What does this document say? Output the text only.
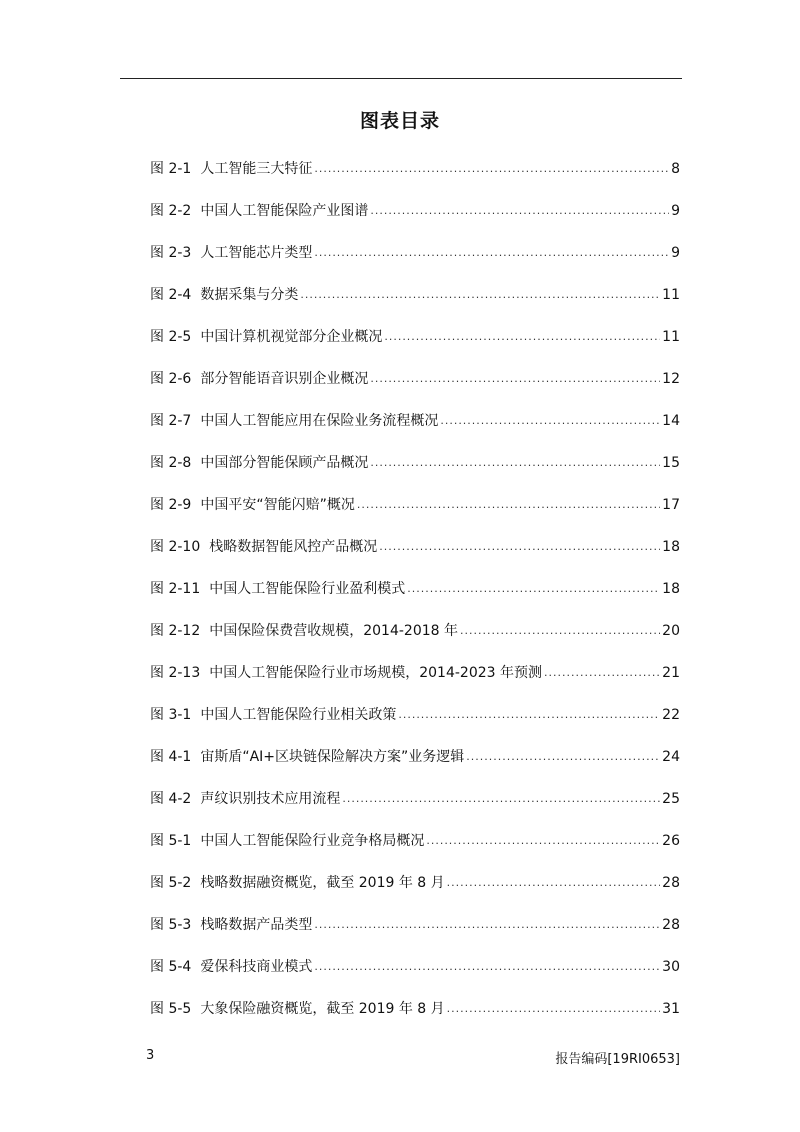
图表目录
图 2-1 人工智能三大特征 .....	8
图 2-2 中国人工智能保险产业图谱 .....	9
图 2-3 人工智能芯片类型 .....	9
图 2-4 数据采集与分类 .....	11
图 2-5 中国计算机视觉部分企业概况 .....	11
图 2-6 部分智能语音识别企业概况 .....	12
图 2-7 中国人工智能应用在保险业务流程概况 .....	14
图 2-8 中国部分智能保顾产品概况 .....	15
图 2-9 中国平安“智能闪赔”概况 .....	17
图 2-10 栈略数据智能风控产品概况 .....	18
图 2-11 中国人工智能保险行业盈利模式 .....	18
图 2-12 中国保险保费营收规模，2014-2018 年 .....	20
图 2-13 中国人工智能保险行业市场规模，2014-2023 年预测 .....	21
图 3-1 中国人工智能保险行业相关政策 .....	22
图 4-1 宙斯盾“AI+区块链保险解决方案”业务逻辑 .....	24
图 4-2 声纹识别技术应用流程 .....	25
图 5-1 中国人工智能保险行业竞争格局概况 .....	26
图 5-2 栈略数据融资概览，截至 2019 年 8 月 .....	28
图 5-3 栈略数据产品类型 .....	28
图 5-4 爱保科技商业模式 .....	30
图 5-5 大象保险融资概览，截至 2019 年 8 月 .....	31
3	报告编码[19RI0653]
